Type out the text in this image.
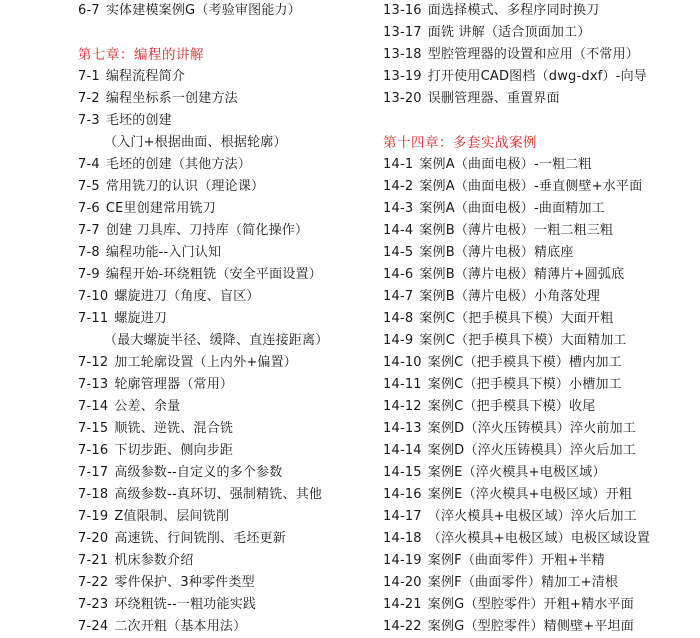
6-7 实体建模案例G（考验审图能力）
第七章：编程的讲解
7-1 编程流程简介
7-2 编程坐标系一创建方法
7-3 毛坯的创建
（入门+根据曲面、根据轮廓）
7-4 毛坯的创建（其他方法）
7-5 常用铣刀的认识（理论课）
7-6 CE里创建常用铣刀
7-7 创建 刀具库、刀持库（简化操作）
7-8 编程功能--入门认知
7-9 编程开始-环绕粗铣（安全平面设置）
7-10 螺旋进刀（角度、盲区）
7-11 螺旋进刀
（最大螺旋半径、缓降、直连接距离）
7-12 加工轮廓设置（上内外+偏置）
7-13 轮廓管理器（常用）
7-14 公差、余量
7-15 顺铣、逆铣、混合铣
7-16 下切步距、侧向步距
7-17 高级参数--自定义的多个参数
7-18 高级参数--真环切、强制精铣、其他
7-19 Z值限制、层间铣削
7-20 高速铣、行间铣削、毛坯更新
7-21 机床参数介绍
7-22 零件保护、3种零件类型
7-23 环绕粗铣--一粗功能实践
7-24 二次开粗（基本用法）
13-16 面选择模式、多程序同时换刀
13-17 面铣 讲解（适合顶面加工）
13-18 型腔管理器的设置和应用（不常用）
13-19 打开使用CAD图档（dwg-dxf）-向导
13-20 误删管理器、重置界面
第十四章：多套实战案例
14-1 案例A（曲面电极）-一粗二粗
14-2 案例A（曲面电极）-垂直侧壁+水平面
14-3 案例A（曲面电极）-曲面精加工
14-4 案例B（薄片电极）一粗二粗三粗
14-5 案例B（薄片电极）精底座
14-6 案例B（薄片电极）精薄片+圆弧底
14-7 案例B（薄片电极）小角落处理
14-8 案例C（把手模具下模）大面开粗
14-9 案例C（把手模具下模）大面精加工
14-10 案例C（把手模具下模）槽内加工
14-11 案例C（把手模具下模）小槽加工
14-12 案例C（把手模具下模）收尾
14-13 案例D（淬火压铸模具）淬火前加工
14-14 案例D（淬火压铸模具）淬火后加工
14-15 案例E（淬火模具+电极区域）
14-16 案例E（淬火模具+电极区域）开粗
14-17 （淬火模具+电极区域）淬火后加工
14-18 （淬火模具+电极区域）电极区域设置
14-19 案例F（曲面零件）开粗+半精
14-20 案例F（曲面零件）精加工+清根
14-21 案例G（型腔零件）开粗+精水平面
14-22 案例G（型腔零件）精侧壁+平坦面
